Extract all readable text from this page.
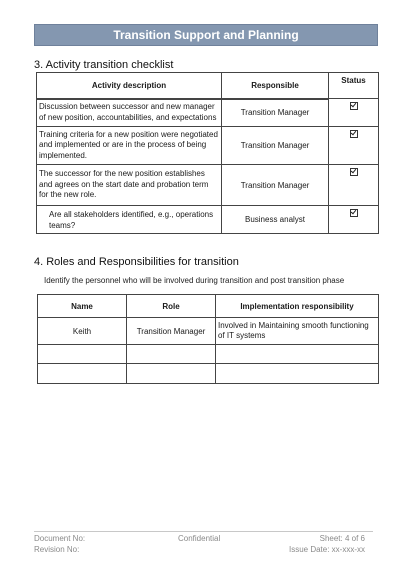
Transition Support and Planning
3. Activity transition checklist
Activity description	Responsible	Status
Discussion between successor and new manager of new position, accountabilities, and expectations	Transition Manager	
Training criteria for a new position were negotiated and implemented or are in the process of being implemented.	Transition Manager	
The successor for the new position establishes and agrees on the start date and probation term for the new role.	Transition Manager	
Are all stakeholders identified, e.g., operations teams?	Business analyst	
4. Roles and Responsibilities for transition
Identify the personnel who will be involved during transition and post transition phase
Name	Role	Implementation responsibility
Keith	Transition Manager	Involved in Maintaining smooth functioning of IT systems

Document No:
Revision No:
Confidential	Sheet: 4 of 6
Issue Date: xx-xxx-xx
